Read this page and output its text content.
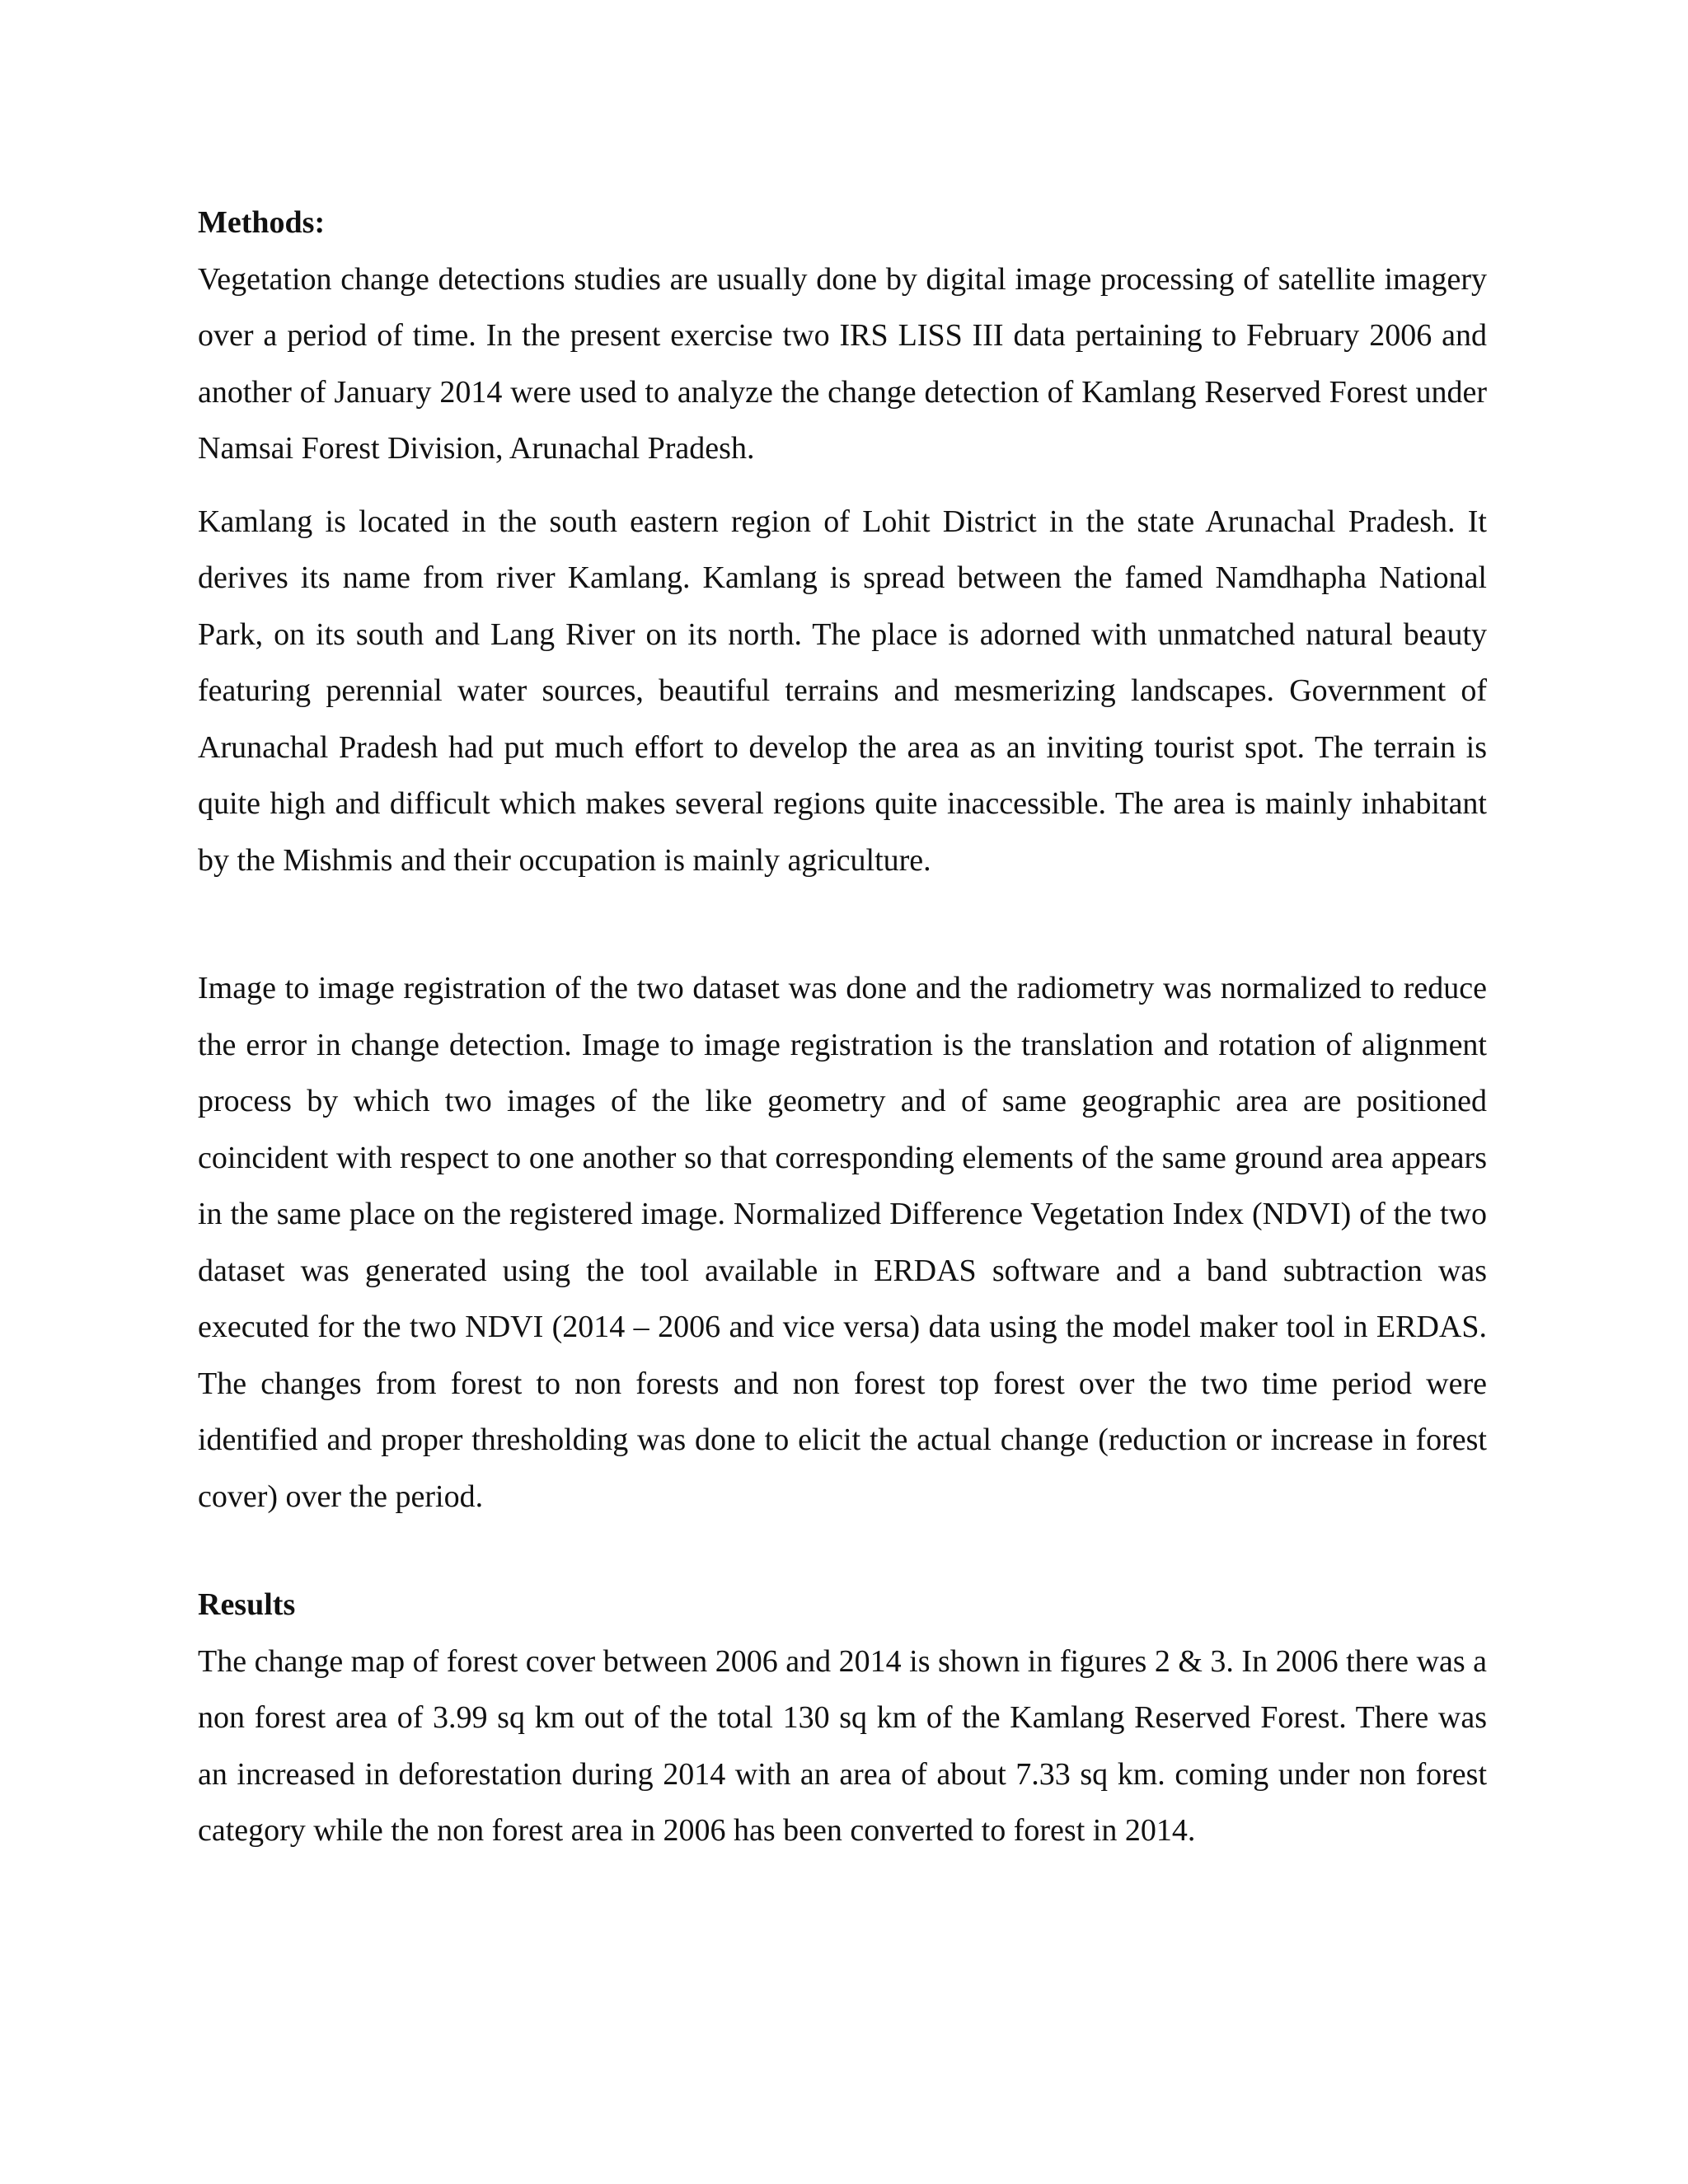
Methods:

Vegetation change detections studies are usually done by digital image processing of satellite imagery over a period of time. In the present exercise two IRS LISS III data pertaining to February 2006 and another of January 2014 were used to analyze the change detection of Kamlang Reserved Forest under Namsai Forest Division, Arunachal Pradesh.

Kamlang is located in the south eastern region of Lohit District in the state Arunachal Pradesh. It derives its name from river Kamlang. Kamlang is spread between the famed Namdhapha National Park, on its south and Lang River on its north. The place is adorned with unmatched natural beauty featuring perennial water sources, beautiful terrains and mesmerizing landscapes. Government of Arunachal Pradesh had put much effort to develop the area as an inviting tourist spot. The terrain is quite high and difficult which makes several regions quite inaccessible. The area is mainly inhabitant by the Mishmis and their occupation is mainly agriculture.

Image to image registration of the two dataset was done and the radiometry was normalized to reduce the error in change detection. Image to image registration is the translation and rotation of alignment process by which two images of the like geometry and of same geographic area are positioned coincident with respect to one another so that corresponding elements of the same ground area appears in the same place on the registered image. Normalized Difference Vegetation Index (NDVI) of the two dataset was generated using the tool available in ERDAS software and a band subtraction was executed for the two NDVI (2014 – 2006 and vice versa) data using the model maker tool in ERDAS. The changes from forest to non forests and non forest top forest over the two time period were identified and proper thresholding was done to elicit the actual change (reduction or increase in forest cover) over the period.

Results

The change map of forest cover between 2006 and 2014 is shown in figures 2 & 3. In 2006 there was a non forest area of 3.99 sq km out of the total 130 sq km of the Kamlang Reserved Forest. There was an increased in deforestation during 2014 with an area of about 7.33 sq km. coming under non forest category while the non forest area in 2006 has been converted to forest in 2014.
